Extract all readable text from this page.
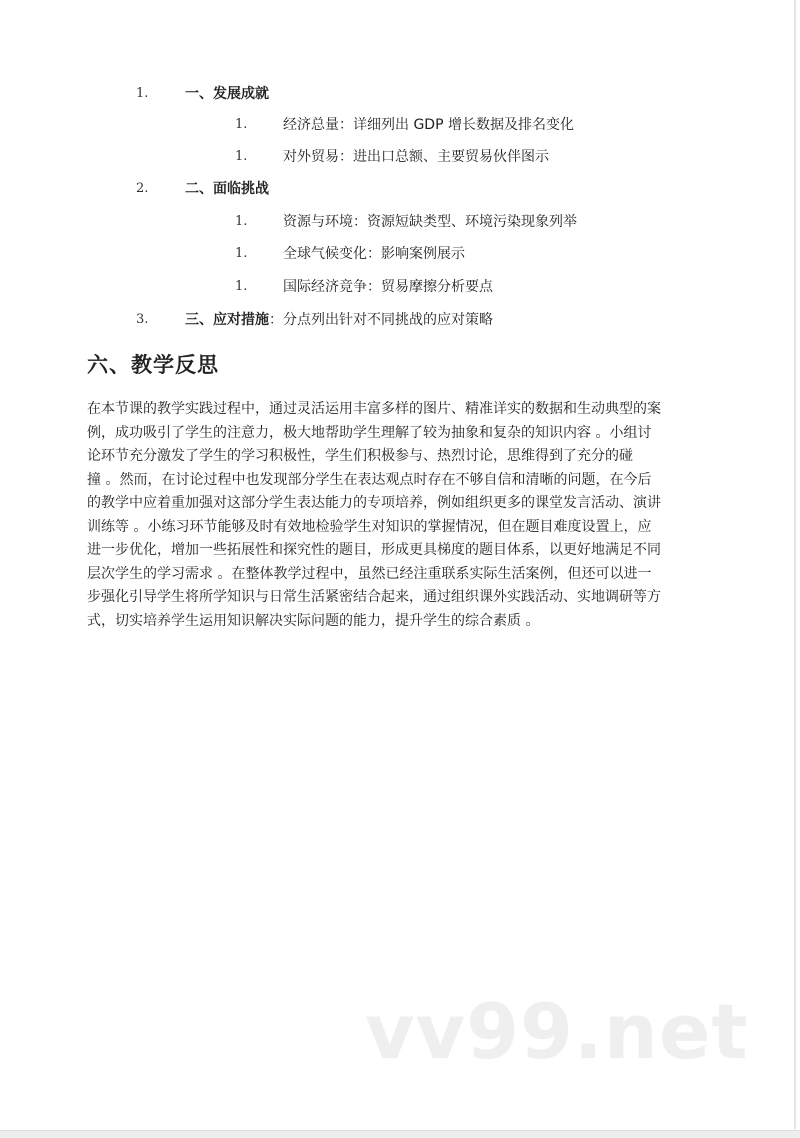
1.	一、发展成就
1.	经济总量：详细列出 GDP 增长数据及排名变化
1.	对外贸易：进出口总额、主要贸易伙伴图示
2.	二、面临挑战
1.	资源与环境：资源短缺类型、环境污染现象列举
1.	全球气候变化：影响案例展示
1.	国际经济竞争：贸易摩擦分析要点
3.	三、应对措施：分点列出针对不同挑战的应对策略
六、教学反思
在本节课的教学实践过程中，通过灵活运用丰富多样的图片、精准详实的数据和生动典型的案
例，成功吸引了学生的注意力，极大地帮助学生理解了较为抽象和复杂的知识内容 。小组讨
论环节充分激发了学生的学习积极性，学生们积极参与、热烈讨论，思维得到了充分的碰
撞 。然而，在讨论过程中也发现部分学生在表达观点时存在不够自信和清晰的问题，在今后
的教学中应着重加强对这部分学生表达能力的专项培养，例如组织更多的课堂发言活动、演讲
训练等 。小练习环节能够及时有效地检验学生对知识的掌握情况，但在题目难度设置上，应
进一步优化，增加一些拓展性和探究性的题目，形成更具梯度的题目体系，以更好地满足不同
层次学生的学习需求 。在整体教学过程中，虽然已经注重联系实际生活案例，但还可以进一
步强化引导学生将所学知识与日常生活紧密结合起来，通过组织课外实践活动、实地调研等方
式，切实培养学生运用知识解决实际问题的能力，提升学生的综合素质 。
vv99.net
